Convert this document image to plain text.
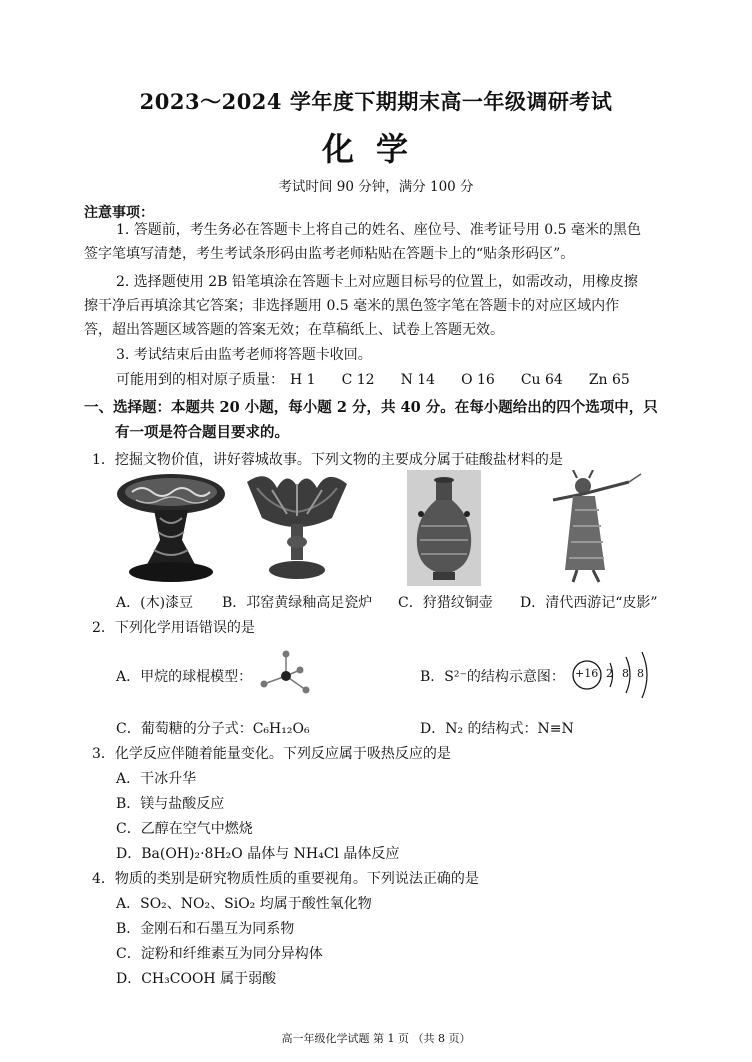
2023～2024 学年度下期期末高一年级调研考试
化学
考试时间 90 分钟，满分 100 分
注意事项：
1. 答题前，考生务必在答题卡上将自己的姓名、座位号、准考证号用 0.5 毫米的黑色
签字笔填写清楚，考生考试条形码由监考老师粘贴在答题卡上的“贴条形码区”。
2. 选择题使用 2B 铅笔填涂在答题卡上对应题目标号的位置上，如需改动，用橡皮擦
擦干净后再填涂其它答案；非选择题用 0.5 毫米的黑色签字笔在答题卡的对应区域内作
答，超出答题区域答题的答案无效；在草稿纸上、试卷上答题无效。
3. 考试结束后由监考老师将答题卡收回。
可能用到的相对原子质量： H 1 C 12 N 14 O 16 Cu 64 Zn 65
一、选择题：本题共 20 小题，每小题 2 分，共 40 分。在每小题给出的四个选项中，只
有一项是符合题目要求的。
1．挖掘文物价值，讲好蓉城故事。下列文物的主要成分属于硅酸盐材料的是
A．(木)漆豆 B．邛窑黄绿釉高足瓷炉 C．狩猎纹铜壶 D．清代西游记“皮影”
2．下列化学用语错误的是
A．甲烷的球棍模型：	B．S²⁻的结构示意图： +16 2 8 8
C．葡萄糖的分子式：C₆H₁₂O₆	D．N₂ 的结构式：N≡N
3．化学反应伴随着能量变化。下列反应属于吸热反应的是
A．干冰升华
B．镁与盐酸反应
C．乙醇在空气中燃烧
D．Ba(OH)₂·8H₂O 晶体与 NH₄Cl 晶体反应
4．物质的类别是研究物质性质的重要视角。下列说法正确的是
A．SO₂、NO₂、SiO₂ 均属于酸性氧化物
B．金刚石和石墨互为同系物
C．淀粉和纤维素互为同分异构体
D．CH₃COOH 属于弱酸
高一年级化学试题 第 1 页 （共 8 页）
